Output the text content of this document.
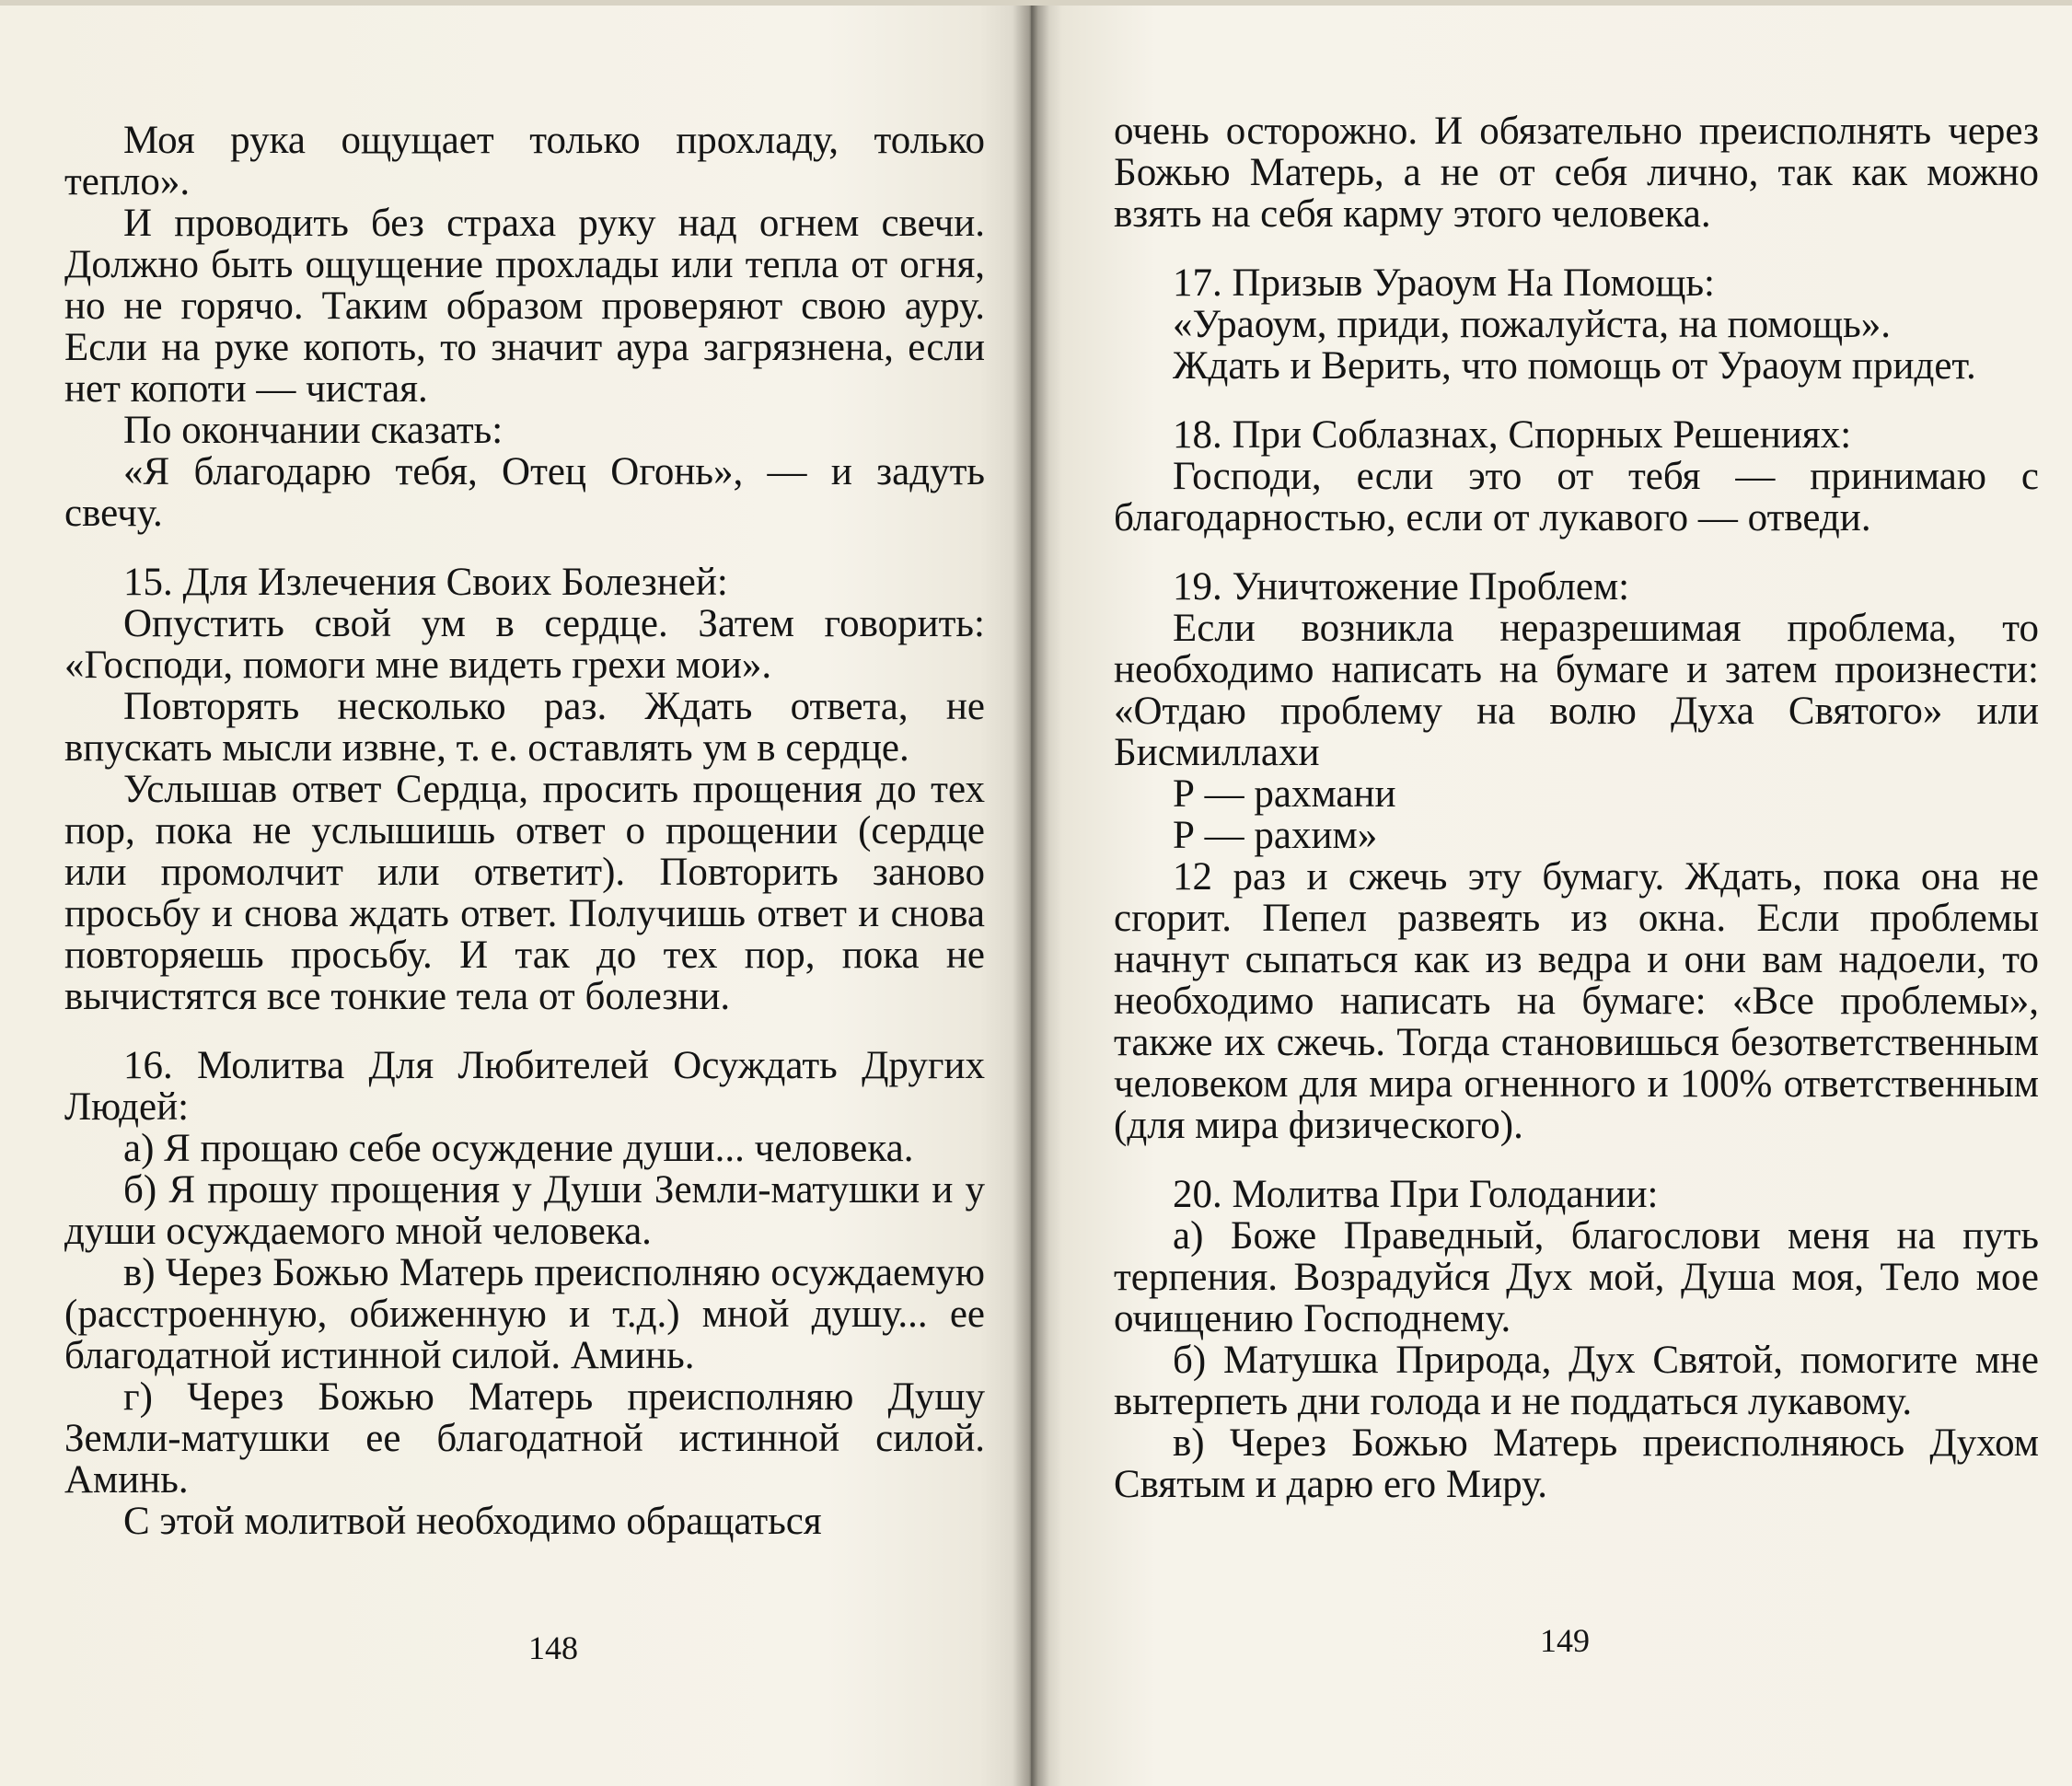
Моя рука ощущает только прохладу, только тепло».

И проводить без страха руку над огнем свечи. Должно быть ощущение прохлады или тепла от огня, но не горячо. Таким образом проверяют свою ауру. Если на руке копоть, то значит аура загрязнена, если нет копоти — чистая.

По окончании сказать:

«Я благодарю тебя, Отец Огонь», — и задуть свечу.

15. Для Излечения Своих Болезней:

Опустить свой ум в сердце. Затем говорить: «Господи, помоги мне видеть грехи мои».

Повторять несколько раз. Ждать ответа, не впускать мысли извне, т. е. оставлять ум в сердце.

Услышав ответ Сердца, просить прощения до тех пор, пока не услышишь ответ о прощении (сердце или промолчит или ответит). Повторить заново просьбу и снова ждать ответ. Получишь ответ и снова повторяешь просьбу. И так до тех пор, пока не вычистятся все тонкие тела от болезни.

16. Молитва Для Любителей Осуждать Других Людей:

а) Я прощаю себе осуждение души... человека.

б) Я прошу прощения у Души Земли-матушки и у души осуждаемого мной человека.

в) Через Божью Матерь преисполняю осуждаемую (расстроенную, обиженную и т.д.) мной душу... ее благодатной истинной силой. Аминь.

г) Через Божью Матерь преисполняю Душу Земли-матушки ее благодатной истинной силой. Аминь.

С этой молитвой необходимо обращаться

очень осторожно. И обязательно преисполнять через Божью Матерь, а не от себя лично, так как можно взять на себя карму этого человека.

17. Призыв Ураоум На Помощь:

«Ураоум, приди, пожалуйста, на помощь».

Ждать и Верить, что помощь от Ураоум придет.

18. При Соблазнах, Спорных Решениях:

Господи, если это от тебя — принимаю с благодарностью, если от лукавого — отведи.

19. Уничтожение Проблем:

Если возникла неразрешимая проблема, то необходимо написать на бумаге и затем произнести: «Отдаю проблему на волю Духа Святого» или Бисмиллахи

Р — рахмани

Р — рахим»

12 раз и сжечь эту бумагу. Ждать, пока она не сгорит. Пепел развеять из окна. Если проблемы начнут сыпаться как из ведра и они вам надоели, то необходимо написать на бумаге: «Все проблемы», также их сжечь. Тогда становишься безответственным человеком для мира огненного и 100% ответственным (для мира физического).

20. Молитва При Голодании:

а) Боже Праведный, благослови меня на путь терпения. Возрадуйся Дух мой, Душа моя, Тело мое очищению Господнему.

б) Матушка Природа, Дух Святой, помогите мне вытерпеть дни голода и не поддаться лукавому.

в) Через Божью Матерь преисполняюсь Духом Святым и дарю его Миру.

148	149
